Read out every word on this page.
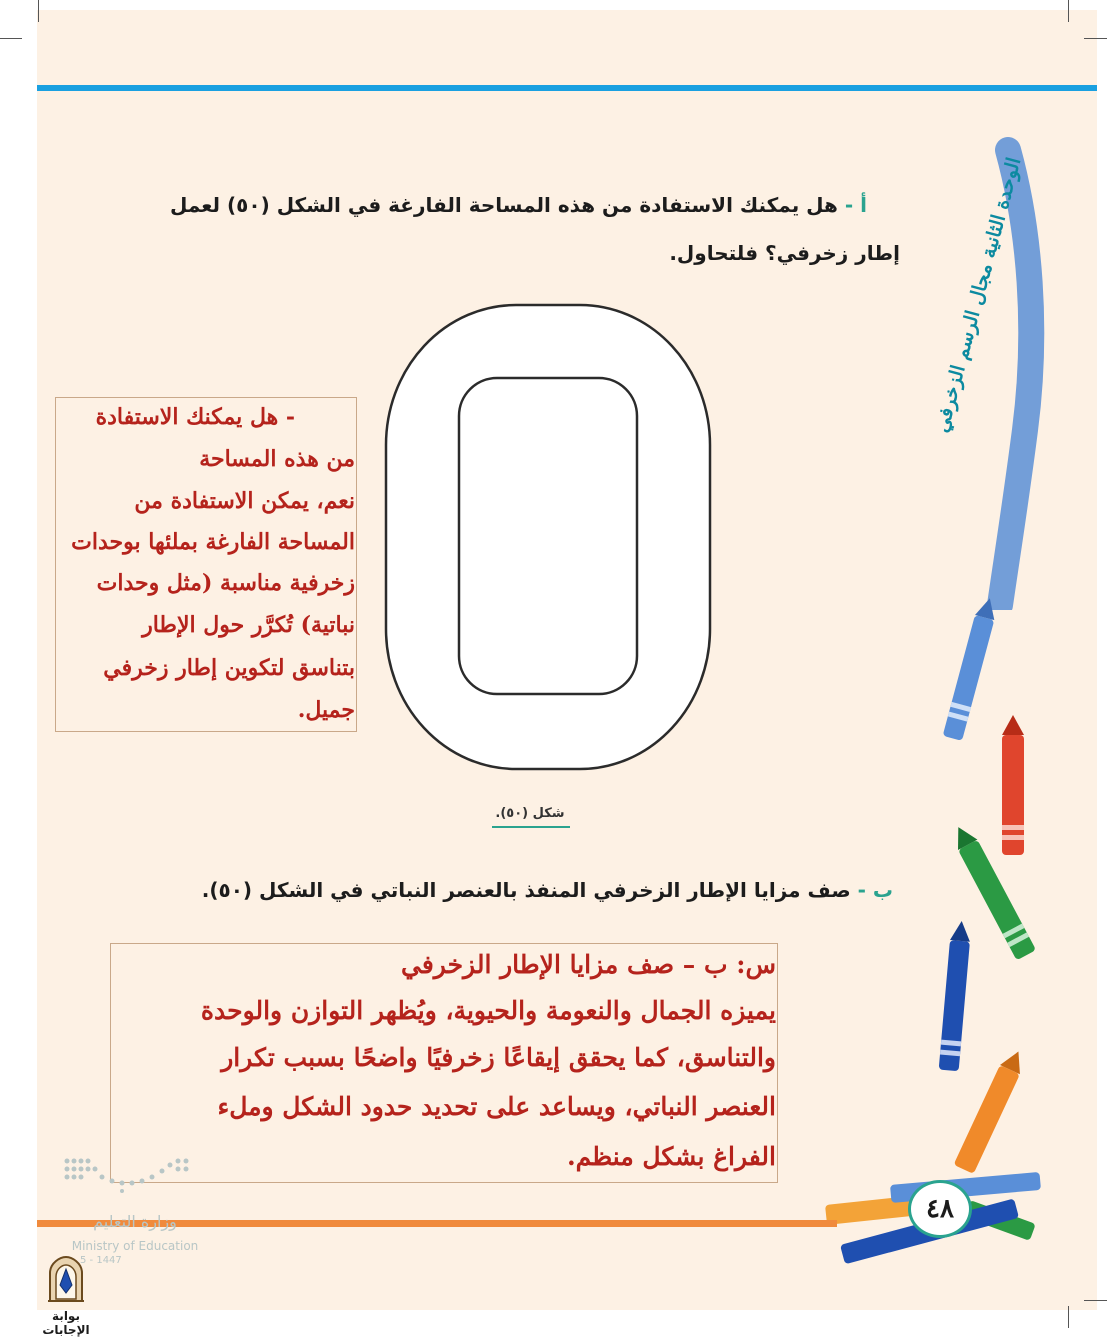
أ - هل يمكنك الاستفادة من هذه المساحة الفارغة في الشكل (٥٠) لعمل
إطار زخرفي؟ فلتحاول.
- هل يمكنك الاستفادة
من هذه المساحة
نعم، يمكن الاستفادة من
المساحة الفارغة بملئها بوحدات
زخرفية مناسبة (مثل وحدات
نباتية) تُكرَّر حول الإطار
بتناسق لتكوين إطار زخرفي
جميل.
شكل (٥٠).
ب - صف مزايا الإطار الزخرفي المنفذ بالعنصر النباتي في الشكل (٥٠).
س: ب – صف مزايا الإطار الزخرفي
يميزه الجمال والنعومة والحيوية، ويُظهر التوازن والوحدة
والتناسق، كما يحقق إيقاعًا زخرفيًا واضحًا بسبب تكرار
العنصر النباتي، ويساعد على تحديد حدود الشكل وملء
الفراغ بشكل منظم.
الوحدة الثانية مجال الرسم الزخرفي
٤٨
وزارة التعليم
Ministry of Education
5 - 1447
بوابة الإجابات
